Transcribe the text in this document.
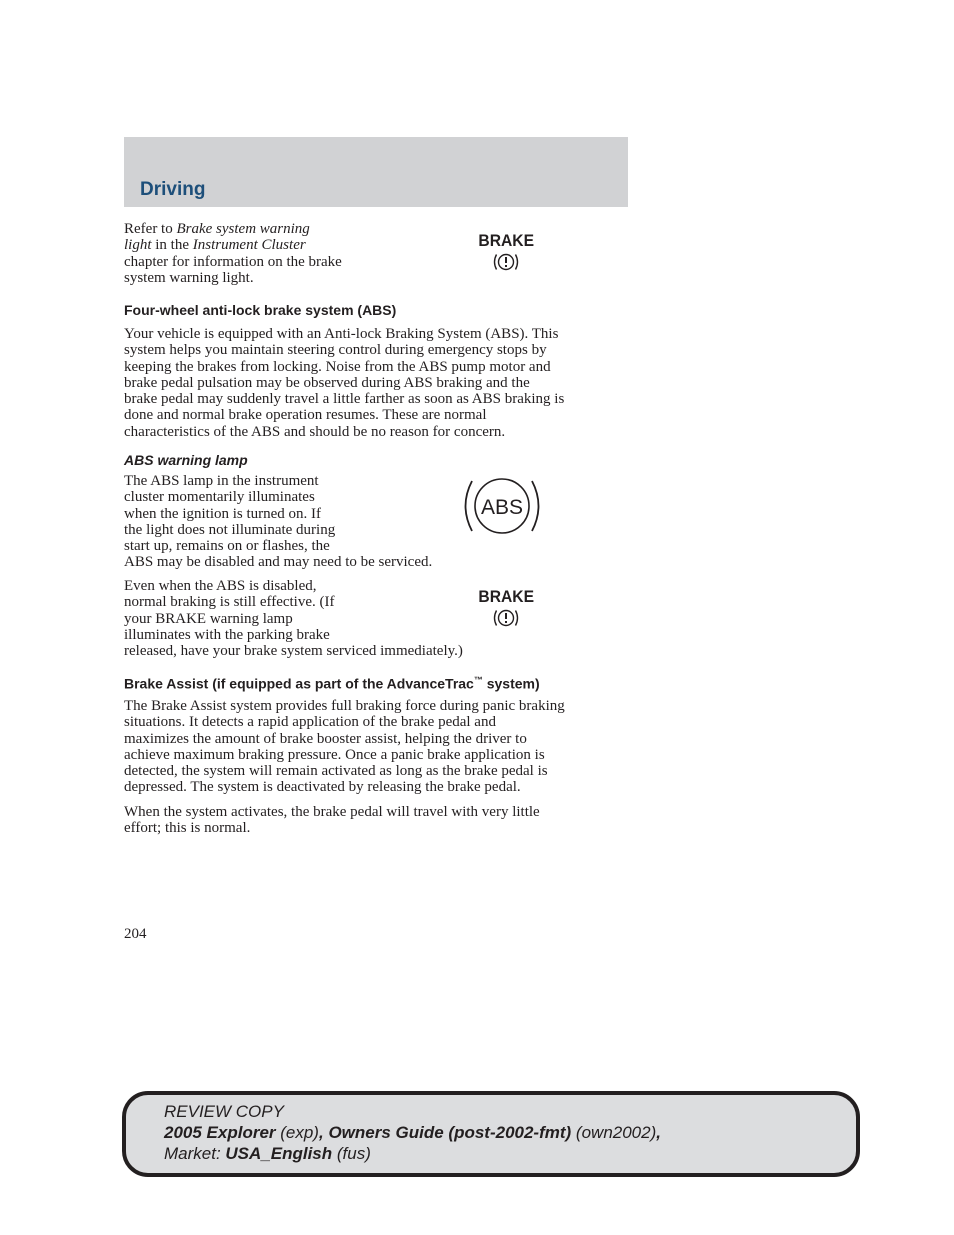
Driving

Refer to Brake system warning
light in the Instrument Cluster
chapter for information on the brake
system warning light.

BRAKE
Four-wheel anti-lock brake system (ABS)

Your vehicle is equipped with an Anti-lock Braking System (ABS). This
system helps you maintain steering control during emergency stops by
keeping the brakes from locking. Noise from the ABS pump motor and
brake pedal pulsation may be observed during ABS braking and the
brake pedal may suddenly travel a little farther as soon as ABS braking is
done and normal brake operation resumes. These are normal
characteristics of the ABS and should be no reason for concern.

ABS warning lamp

The ABS lamp in the instrument
cluster momentarily illuminates
when the ignition is turned on. If
the light does not illuminate during
start up, remains on or flashes, the
ABS may be disabled and may need to be serviced.

ABS

Even when the ABS is disabled,
normal braking is still effective. (If
your BRAKE warning lamp
illuminates with the parking brake
released, have your brake system serviced immediately.)

BRAKE
Brake Assist (if equipped as part of the AdvanceTrac™ system)

The Brake Assist system provides full braking force during panic braking
situations. It detects a rapid application of the brake pedal and
maximizes the amount of brake booster assist, helping the driver to
achieve maximum braking pressure. Once a panic brake application is
detected, the system will remain activated as long as the brake pedal is
depressed. The system is deactivated by releasing the brake pedal.

When the system activates, the brake pedal will travel with very little
effort; this is normal.

204

REVIEW COPY
2005 Explorer (exp), Owners Guide (post-2002-fmt) (own2002),
Market: USA_English (fus)
